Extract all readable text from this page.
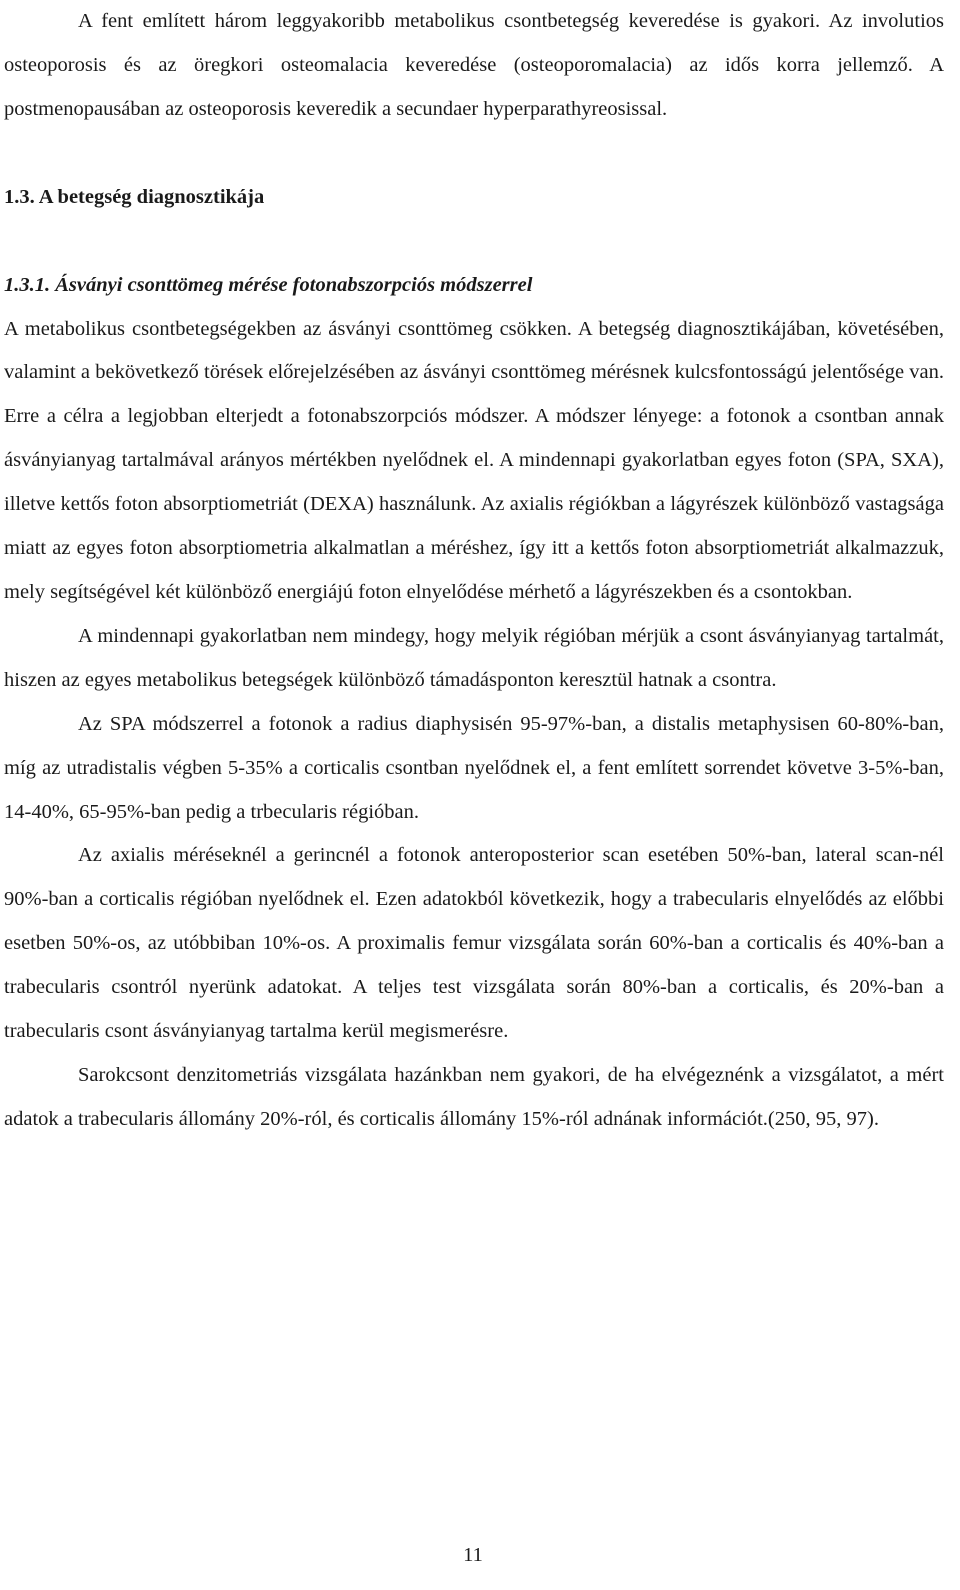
A fent említett három leggyakoribb metabolikus csontbetegség keveredése is gyakori. Az involutios osteoporosis és az öregkori osteomalacia keveredése (osteoporomalacia) az idős korra jellemző. A postmenopausában az osteoporosis keveredik a secundaer hyperparathyreosissal.

1.3. A betegség diagnosztikája
1.3.1. Ásványi csonttömeg mérése fotonabszorpciós módszerrel

A metabolikus csontbetegségekben az ásványi csonttömeg csökken. A betegség diagnosztikájában, követésében, valamint a bekövetkező törések előrejelzésében az ásványi csonttömeg mérésnek kulcsfontosságú jelentősége van. Erre a célra a legjobban elterjedt a fotonabszorpciós módszer. A módszer lényege: a fotonok a csontban annak ásványianyag tartalmával arányos mértékben nyelődnek el. A mindennapi gyakorlatban egyes foton (SPA, SXA), illetve kettős foton absorptiometriát (DEXA) használunk. Az axialis régiókban a lágyrészek különböző vastagsága miatt az egyes foton absorptiometria alkalmatlan a méréshez, így itt a kettős foton absorptiometriát alkalmazzuk, mely segítségével két különböző energiájú foton elnyelődése mérhető a lágyrészekben és a csontokban.

A mindennapi gyakorlatban nem mindegy, hogy melyik régióban mérjük a csont ásványianyag tartalmát, hiszen az egyes metabolikus betegségek különböző támadásponton keresztül hatnak a csontra.

Az SPA módszerrel a fotonok a radius diaphysisén 95-97%-ban, a distalis metaphysisen 60-80%-ban, míg az utradistalis végben 5-35% a corticalis csontban nyelődnek el, a fent említett sorrendet követve 3-5%-ban, 14-40%, 65-95%-ban pedig a trbecularis régióban.

Az axialis méréseknél a gerincnél a fotonok anteroposterior scan esetében 50%-ban, lateral scan-nél 90%-ban a corticalis régióban nyelődnek el. Ezen adatokból következik, hogy a trabecularis elnyelődés az előbbi esetben 50%-os, az utóbbiban 10%-os. A proximalis femur vizsgálata során 60%-ban a corticalis és 40%-ban a trabecularis csontról nyerünk adatokat. A teljes test vizsgálata során 80%-ban a corticalis, és 20%-ban a trabecularis csont ásványianyag tartalma kerül megismerésre.

Sarokcsont denzitometriás vizsgálata hazánkban nem gyakori, de ha elvégeznénk a vizsgálatot, a mért adatok a trabecularis állomány 20%-ról, és corticalis állomány 15%-ról adnának információt.(250, 95, 97).

11
